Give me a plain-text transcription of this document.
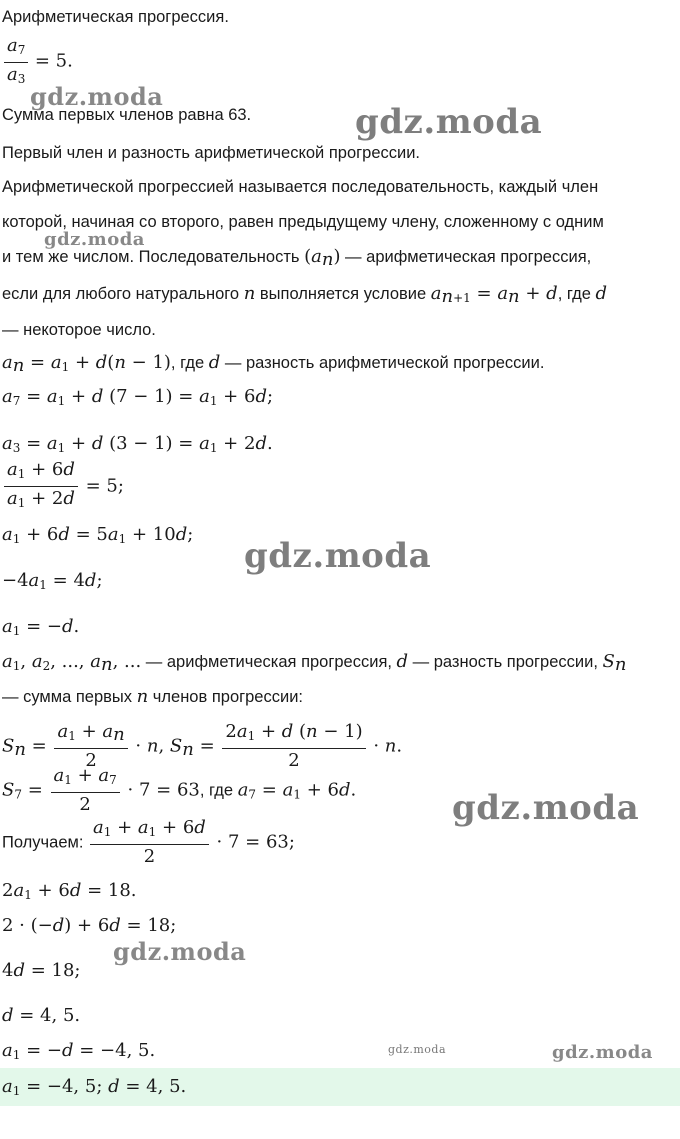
Арифметическая прогрессия.
$\frac{a_7}{a_3} = 5$.
Сумма первых членов равна 63.
Первый член и разность арифметической прогрессии.
Арифметической прогрессией называется последовательность, каждый член
которой, начиная со второго, равен предыдущему члену, сложенному с одним
и тем же числом. Последовательность $(a_n)$ — арифметическая прогрессия,
если для любого натурального n выполняется условие $a_{n+1} = a_n + d$, где d
— некоторое число.
$a_n = a_1 + d(n - 1)$, где d — разность арифметической прогрессии.
$a_7 = a_1 + d$ $(7 - 1) = a_1 + 6d$;
$a_3 = a_1 + d$ $(3 - 1) = a_1 + 2d$.
$\frac{a_1 + 6d}{a_1 + 2d} = 5$;
$a_1 + 6d = 5a_1 + 10d$;
$-4a_1 = 4d$;
$a_1 = -d$.
$a_1$, $a_2$, ..., $a_n$, ... — арифметическая прогрессия, d — разность прогрессии, $S_n$
— сумма первых n членов прогрессии:
$S_n = \frac{a_1 + a_n}{2} \cdot n$, $S_n = \frac{2a_1 + d (n - 1)}{2} \cdot n$.
$S_7 = \frac{a_1 + a_7}{2} \cdot 7 = 63$, где $a_7 = a_1 + 6d$.
Получаем: $\frac{a_1 + a_1 + 6d}{2} \cdot 7 = 63$;
$2a_1 + 6d = 18$.
2 · (−d) + 6d = 18;
4d = 18;
d = 4, 5.
$a_1 = -d = -4$, 5.
$a_1 = -4$, 5; d = 4, 5.
gdz.moda
gdz.moda
gdz.moda
gdz.moda
gdz.moda
gdz.moda
gdz.moda	gdz.moda
